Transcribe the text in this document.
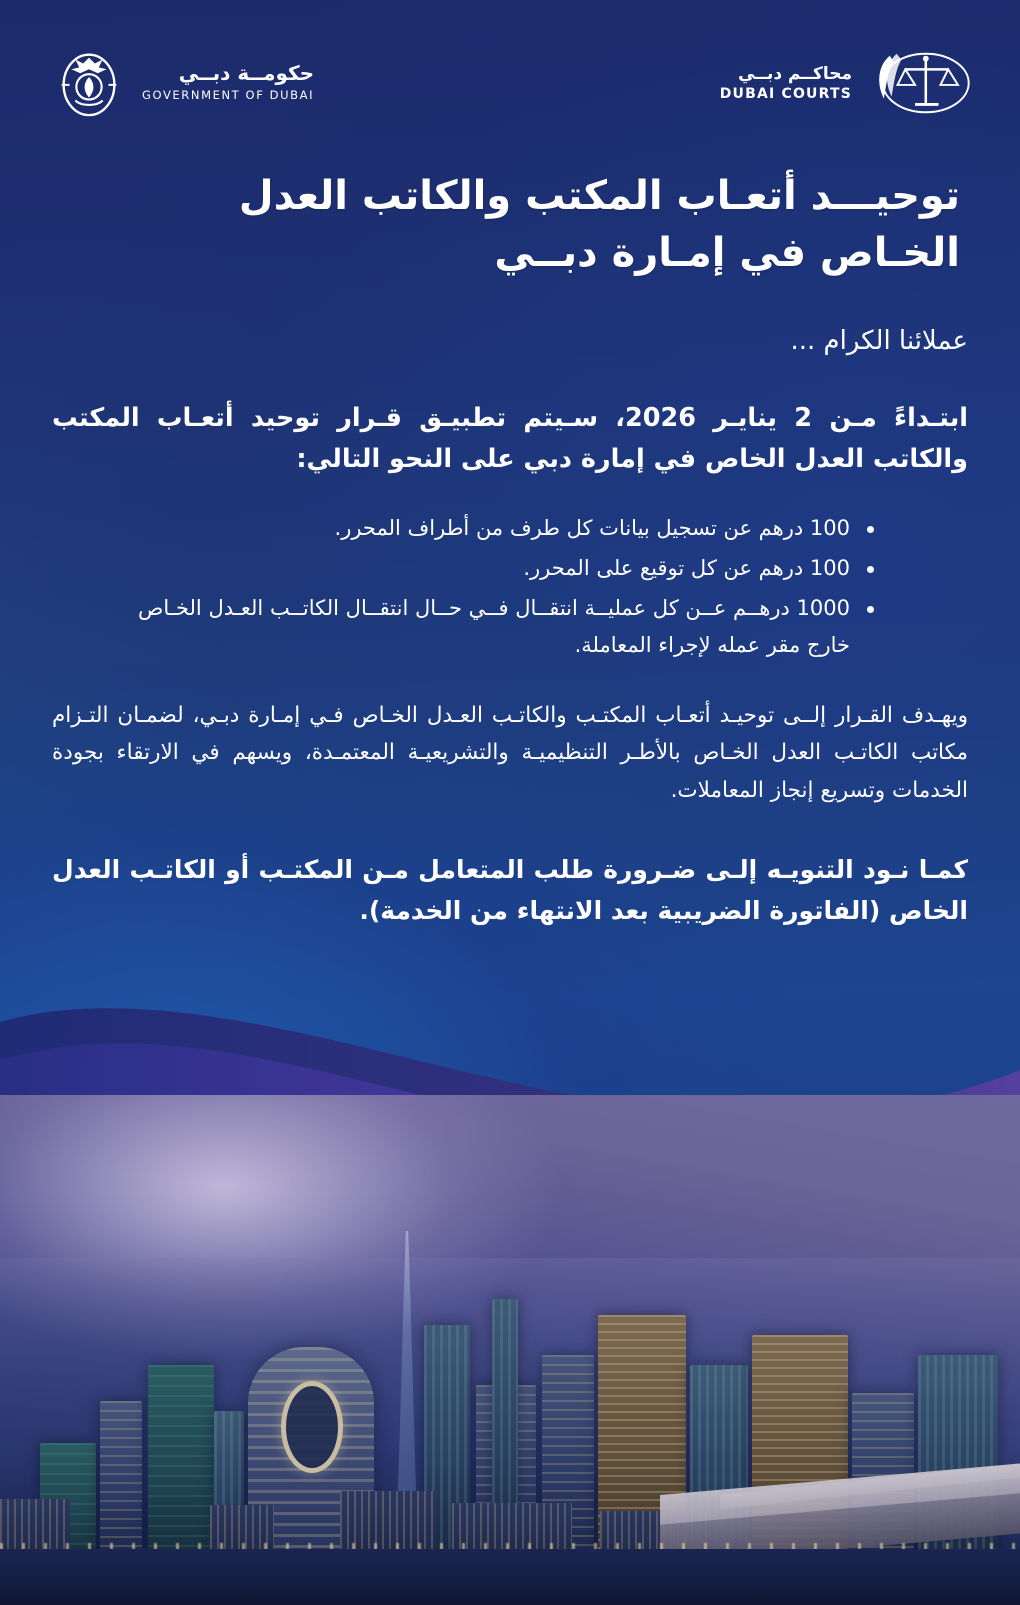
حكومــة دبــي
GOVERNMENT OF DUBAI
محاكــم دبــي
DUBAI COURTS
توحيـــد أتعـاب المكتب والكاتب العدل الخـاص في إمـارة دبــي
عملائنا الكرام ...
ابتـداءً مـن 2 ينايـر 2026، سـيتم تطبيـق قـرار توحيد أتعـاب المكتب والكاتب العدل الخاص في إمارة دبي على النحو التالي:
100 درهم عن تسجيل بيانات كل طرف من أطراف المحرر.
100 درهم عن كل توقيع على المحرر.
1000 درهــم عــن كل عمليــة انتقــال فــي حــال انتقــال الكاتــب العـدل الخـاص خارج مقر عمله لإجراء المعاملة.
ويهـدف القـرار إلــى توحيـد أتعـاب المكتـب والكاتـب العـدل الخـاص فـي إمـارة دبـي، لضمـان التـزام مكاتب الكاتـب العدل الخـاص بالأطـر التنظيميـة والتشريعيـة المعتمـدة، ويسهم في الارتقاء بجودة الخدمات وتسريع إنجاز المعاملات.
كمـا نـود التنويـه إلـى ضـرورة طلب المتعامل مـن المكتـب أو الكاتـب العدل الخاص (الفاتورة الضريبية بعد الانتهاء من الخدمة).
